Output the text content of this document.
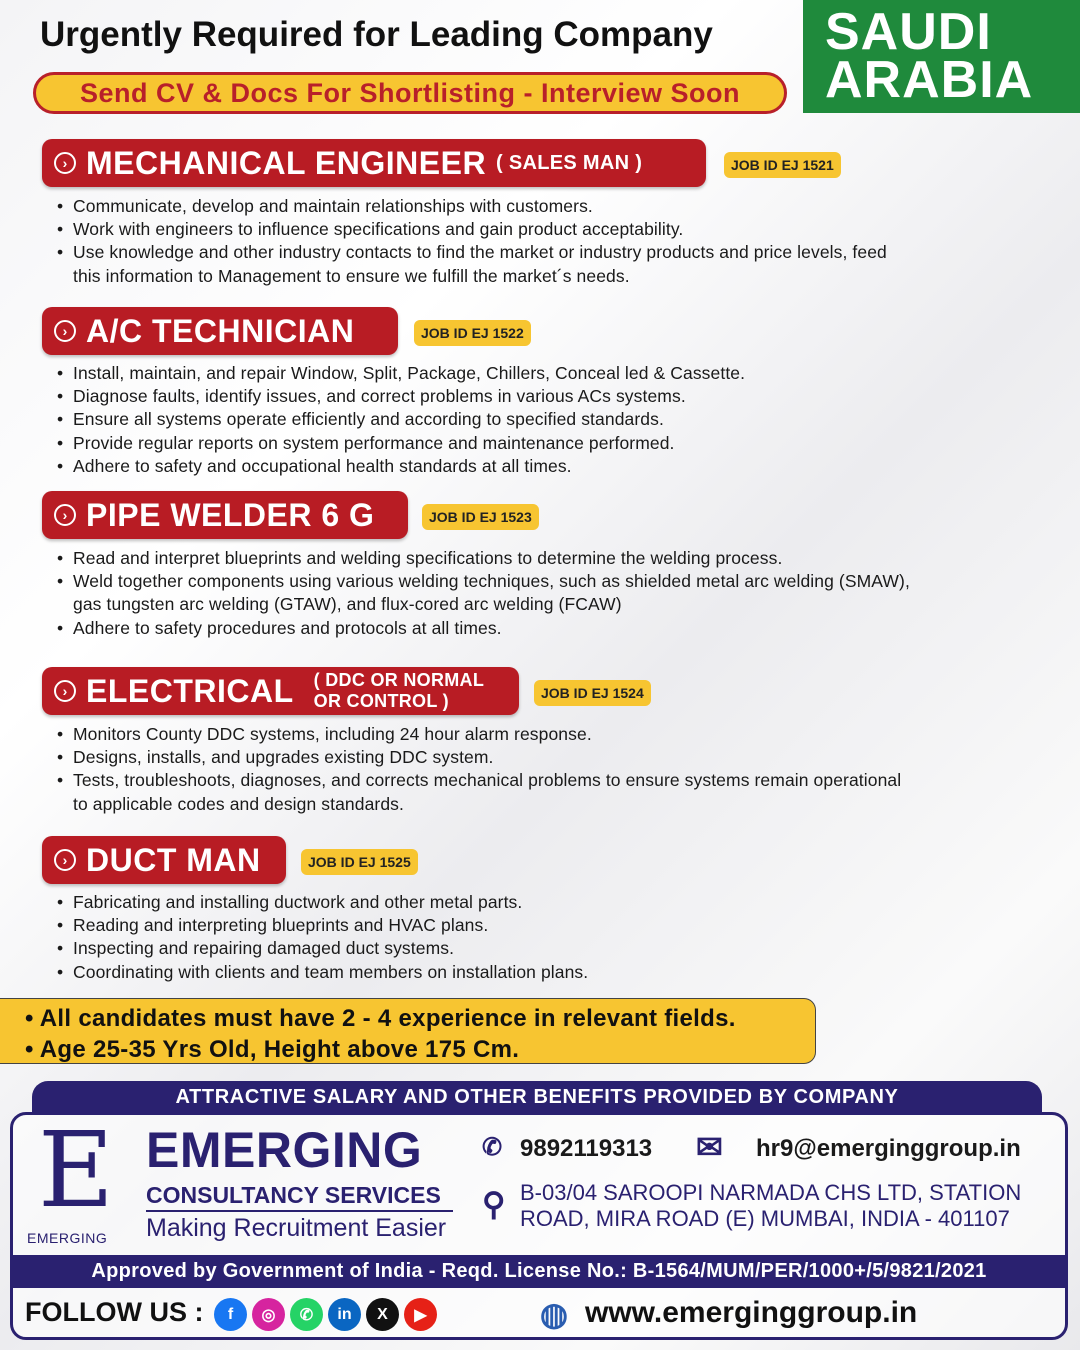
Urgently Required for Leading Company	SAUDI ARABIA
Send CV & Docs For Shortlisting - Interview Soon
› MECHANICAL ENGINEER ( SALES MAN )	JOB ID EJ 1521
• Communicate, develop and maintain relationships with customers.
• Work with engineers to influence specifications and gain product acceptability.
• Use knowledge and other industry contacts to find the market or industry products and price levels, feed this information to Management to ensure we fulfill the market´s needs.
› A/C TECHNICIAN	JOB ID EJ 1522
• Install, maintain, and repair Window, Split, Package, Chillers, Conceal led & Cassette.
• Diagnose faults, identify issues, and correct problems in various ACs systems.
• Ensure all systems operate efficiently and according to specified standards.
• Provide regular reports on system performance and maintenance performed.
• Adhere to safety and occupational health standards at all times.
› PIPE WELDER 6 G	JOB ID EJ 1523
• Read and interpret blueprints and welding specifications to determine the welding process.
• Weld together components using various welding techniques, such as shielded metal arc welding (SMAW), gas tungsten arc welding (GTAW), and flux-cored arc welding (FCAW)
• Adhere to safety procedures and protocols at all times.
› ELECTRICAL ( DDC OR NORMAL OR CONTROL )	JOB ID EJ 1524
• Monitors County DDC systems, including 24 hour alarm response.
• Designs, installs, and upgrades existing DDC system.
• Tests, troubleshoots, diagnoses, and corrects mechanical problems to ensure systems remain operational to applicable codes and design standards.
› DUCT MAN	JOB ID EJ 1525
• Fabricating and installing ductwork and other metal parts.
• Reading and interpreting blueprints and HVAC plans.
• Inspecting and repairing damaged duct systems.
• Coordinating with clients and team members on installation plans.
• All candidates must have 2 - 4 experience in relevant fields.
• Age 25-35 Yrs Old, Height above 175 Cm.
ATTRACTIVE SALARY AND OTHER BENEFITS PROVIDED BY COMPANY
E
EMERGING
EMERGING
CONSULTANCY SERVICES
Making Recruitment Easier
✆ 9892119313 ✉ hr9@emerginggroup.in
⚲ B-03/04 SAROOPI NARMADA CHS LTD, STATION ROAD, MIRA ROAD (E) MUMBAI, INDIA - 401107
Approved by Government of India - Reqd. License No.: B-1564/MUM/PER/1000+/5/9821/2021
FOLLOW US :	f	◎	✆	in	X	▶	◍ www.emerginggroup.in
